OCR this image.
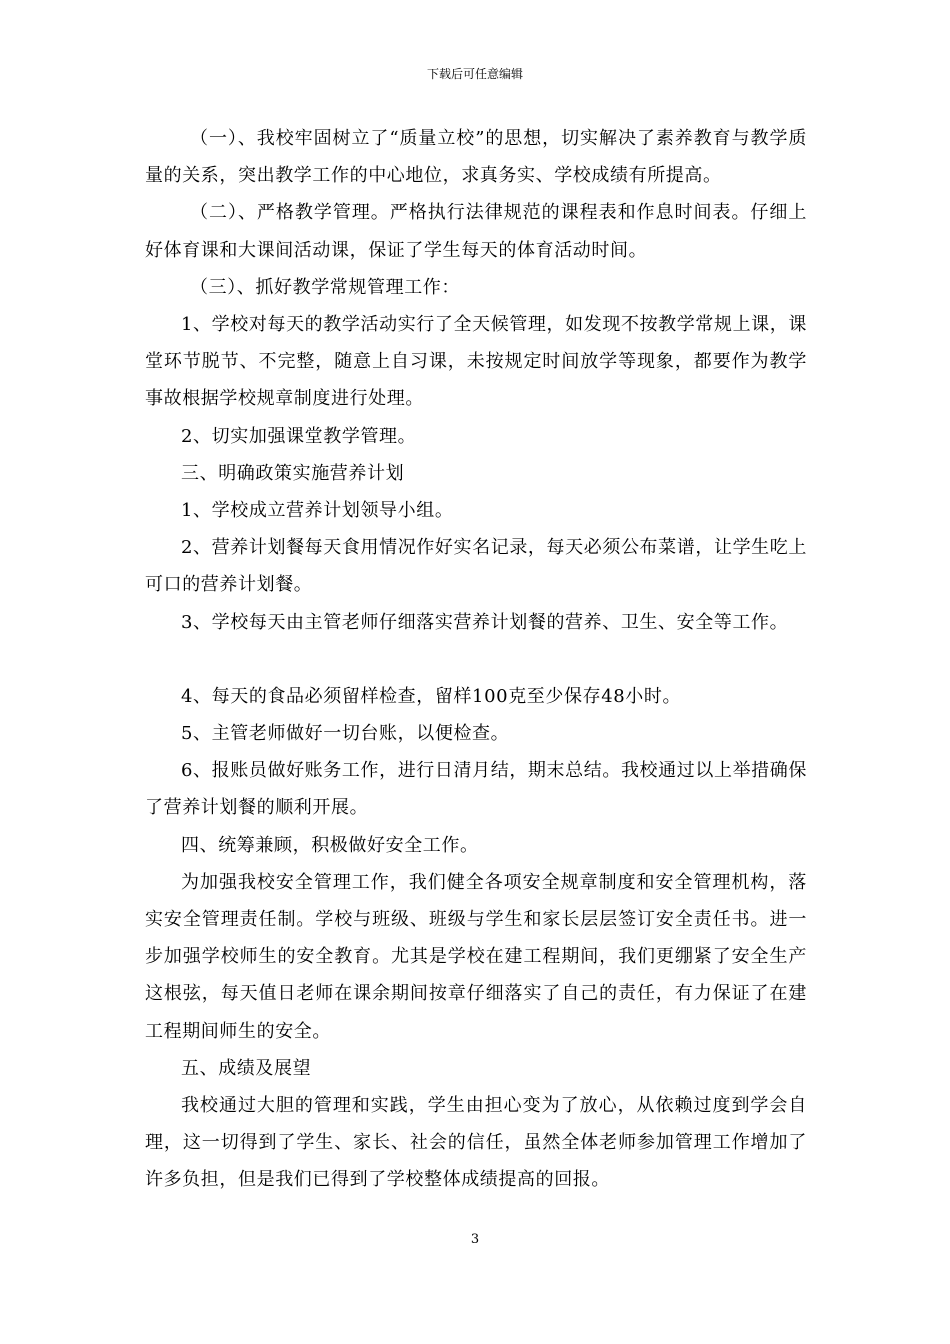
下载后可任意编辑

（一）、我校牢固树立了“质量立校”的思想，切实解决了素养教育与教学质量的关系，突出教学工作的中心地位，求真务实、学校成绩有所提高。

（二）、严格教学管理。严格执行法律规范的课程表和作息时间表。仔细上好体育课和大课间活动课，保证了学生每天的体育活动时间。

（三）、抓好教学常规管理工作：

1、学校对每天的教学活动实行了全天候管理，如发现不按教学常规上课，课堂环节脱节、不完整，随意上自习课，未按规定时间放学等现象，都要作为教学事故根据学校规章制度进行处理。

2、切实加强课堂教学管理。

三、明确政策实施营养计划

1、学校成立营养计划领导小组。

2、营养计划餐每天食用情况作好实名记录，每天必须公布菜谱，让学生吃上可口的营养计划餐。

3、学校每天由主管老师仔细落实营养计划餐的营养、卫生、安全等工作。

4、每天的食品必须留样检查，留样100克至少保存48小时。

5、主管老师做好一切台账，以便检查。

6、报账员做好账务工作，进行日清月结，期末总结。我校通过以上举措确保了营养计划餐的顺利开展。

四、统筹兼顾，积极做好安全工作。

为加强我校安全管理工作，我们健全各项安全规章制度和安全管理机构，落实安全管理责任制。学校与班级、班级与学生和家长层层签订安全责任书。进一步加强学校师生的安全教育。尤其是学校在建工程期间，我们更绷紧了安全生产这根弦，每天值日老师在课余期间按章仔细落实了自己的责任，有力保证了在建工程期间师生的安全。

五、成绩及展望

我校通过大胆的管理和实践，学生由担心变为了放心，从依赖过度到学会自理，这一切得到了学生、家长、社会的信任，虽然全体老师参加管理工作增加了许多负担，但是我们已得到了学校整体成绩提高的回报。

3
